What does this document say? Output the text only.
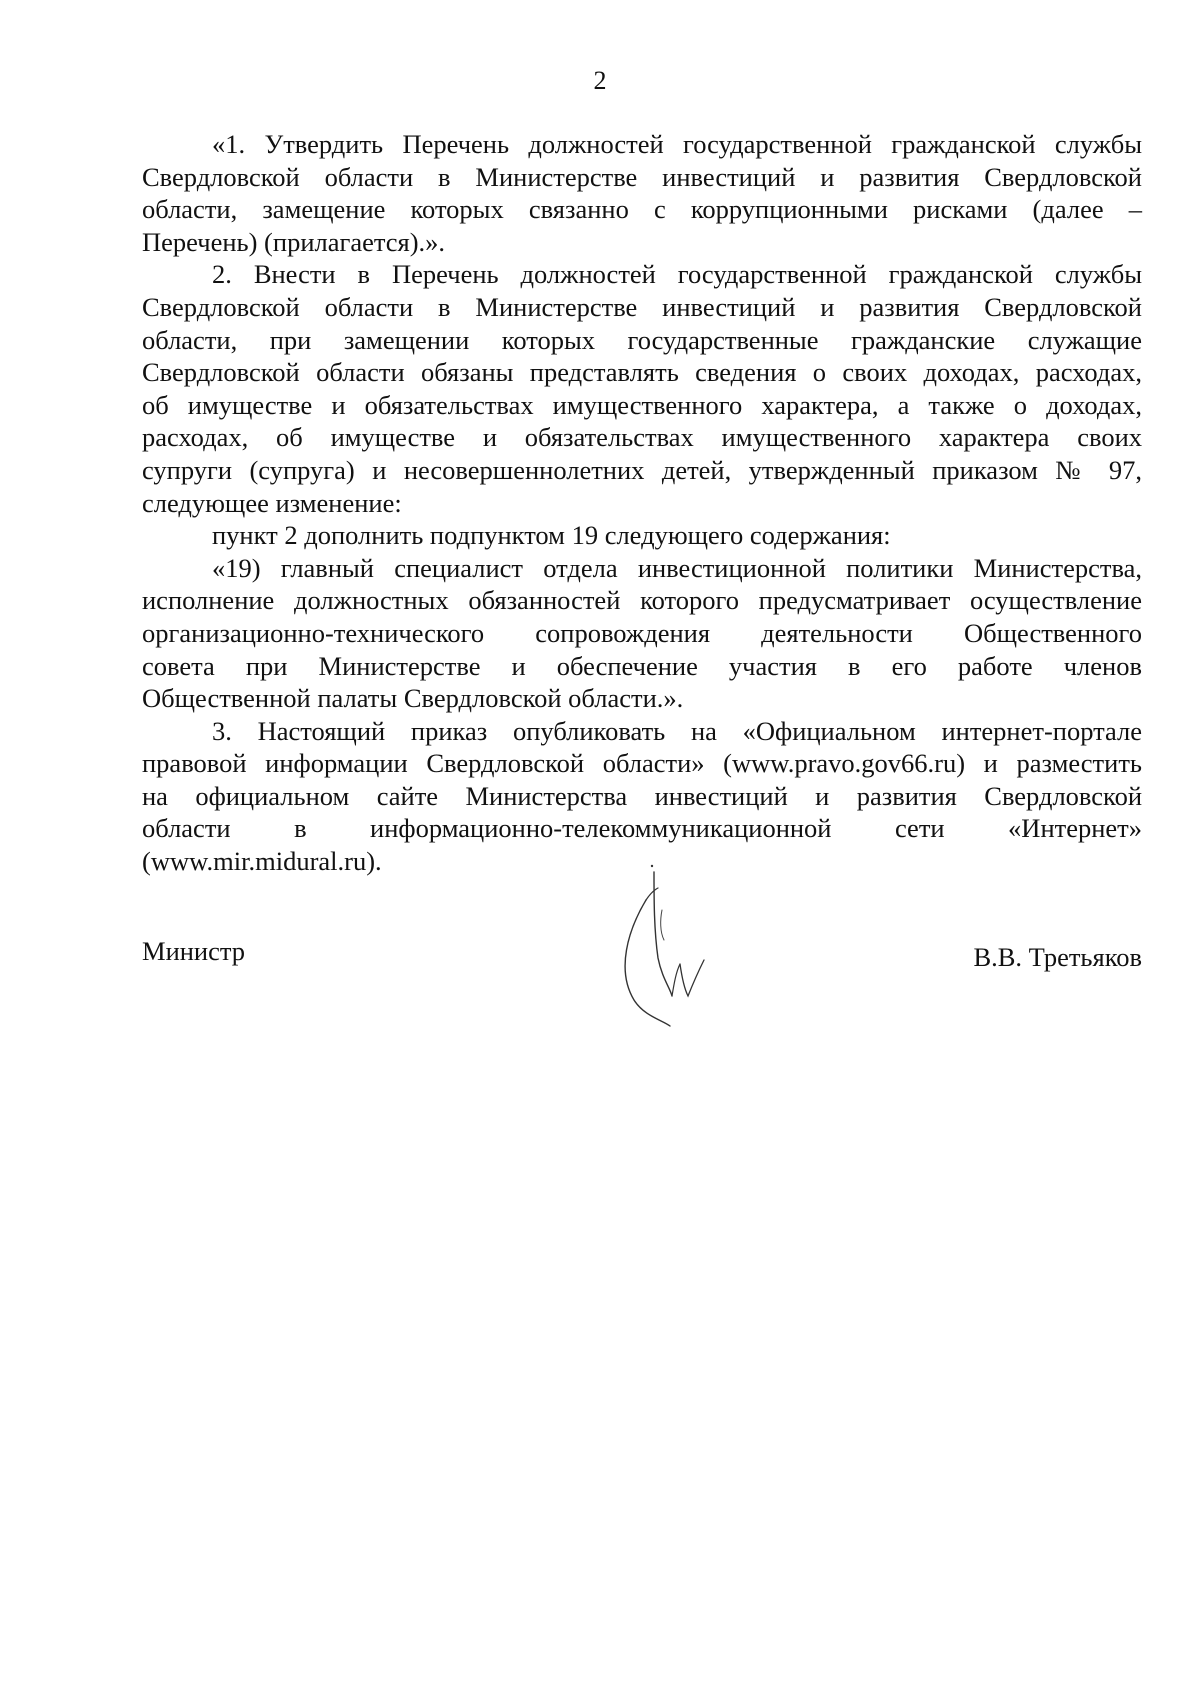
2
«1. Утвердить Перечень должностей государственной гражданской службы
Свердловской области в Министерстве инвестиций и развития Свердловской
области, замещение которых связанно с коррупционными рисками (далее –
Перечень) (прилагается).».
2. Внести в Перечень должностей государственной гражданской службы
Свердловской области в Министерстве инвестиций и развития Свердловской
области, при замещении которых государственные гражданские служащие
Свердловской области обязаны представлять сведения о своих доходах, расходах,
об имуществе и обязательствах имущественного характера, а также о доходах,
расходах, об имуществе и обязательствах имущественного характера своих
супруги (супруга) и несовершеннолетних детей, утвержденный приказом № 97,
следующее изменение:
пункт 2 дополнить подпунктом 19 следующего содержания:
«19) главный специалист отдела инвестиционной политики Министерства,
исполнение должностных обязанностей которого предусматривает осуществление
организационно-технического сопровождения деятельности Общественного
совета при Министерстве и обеспечение участия в его работе членов
Общественной палаты Свердловской области.».
3. Настоящий приказ опубликовать на «Официальном интернет-портале
правовой информации Свердловской области» (www.pravo.gov66.ru) и разместить
на официальном сайте Министерства инвестиций и развития Свердловской
области в информационно-телекоммуникационной сети «Интернет»
(www.mir.midural.ru).
Министр	В.В. Третьяков
